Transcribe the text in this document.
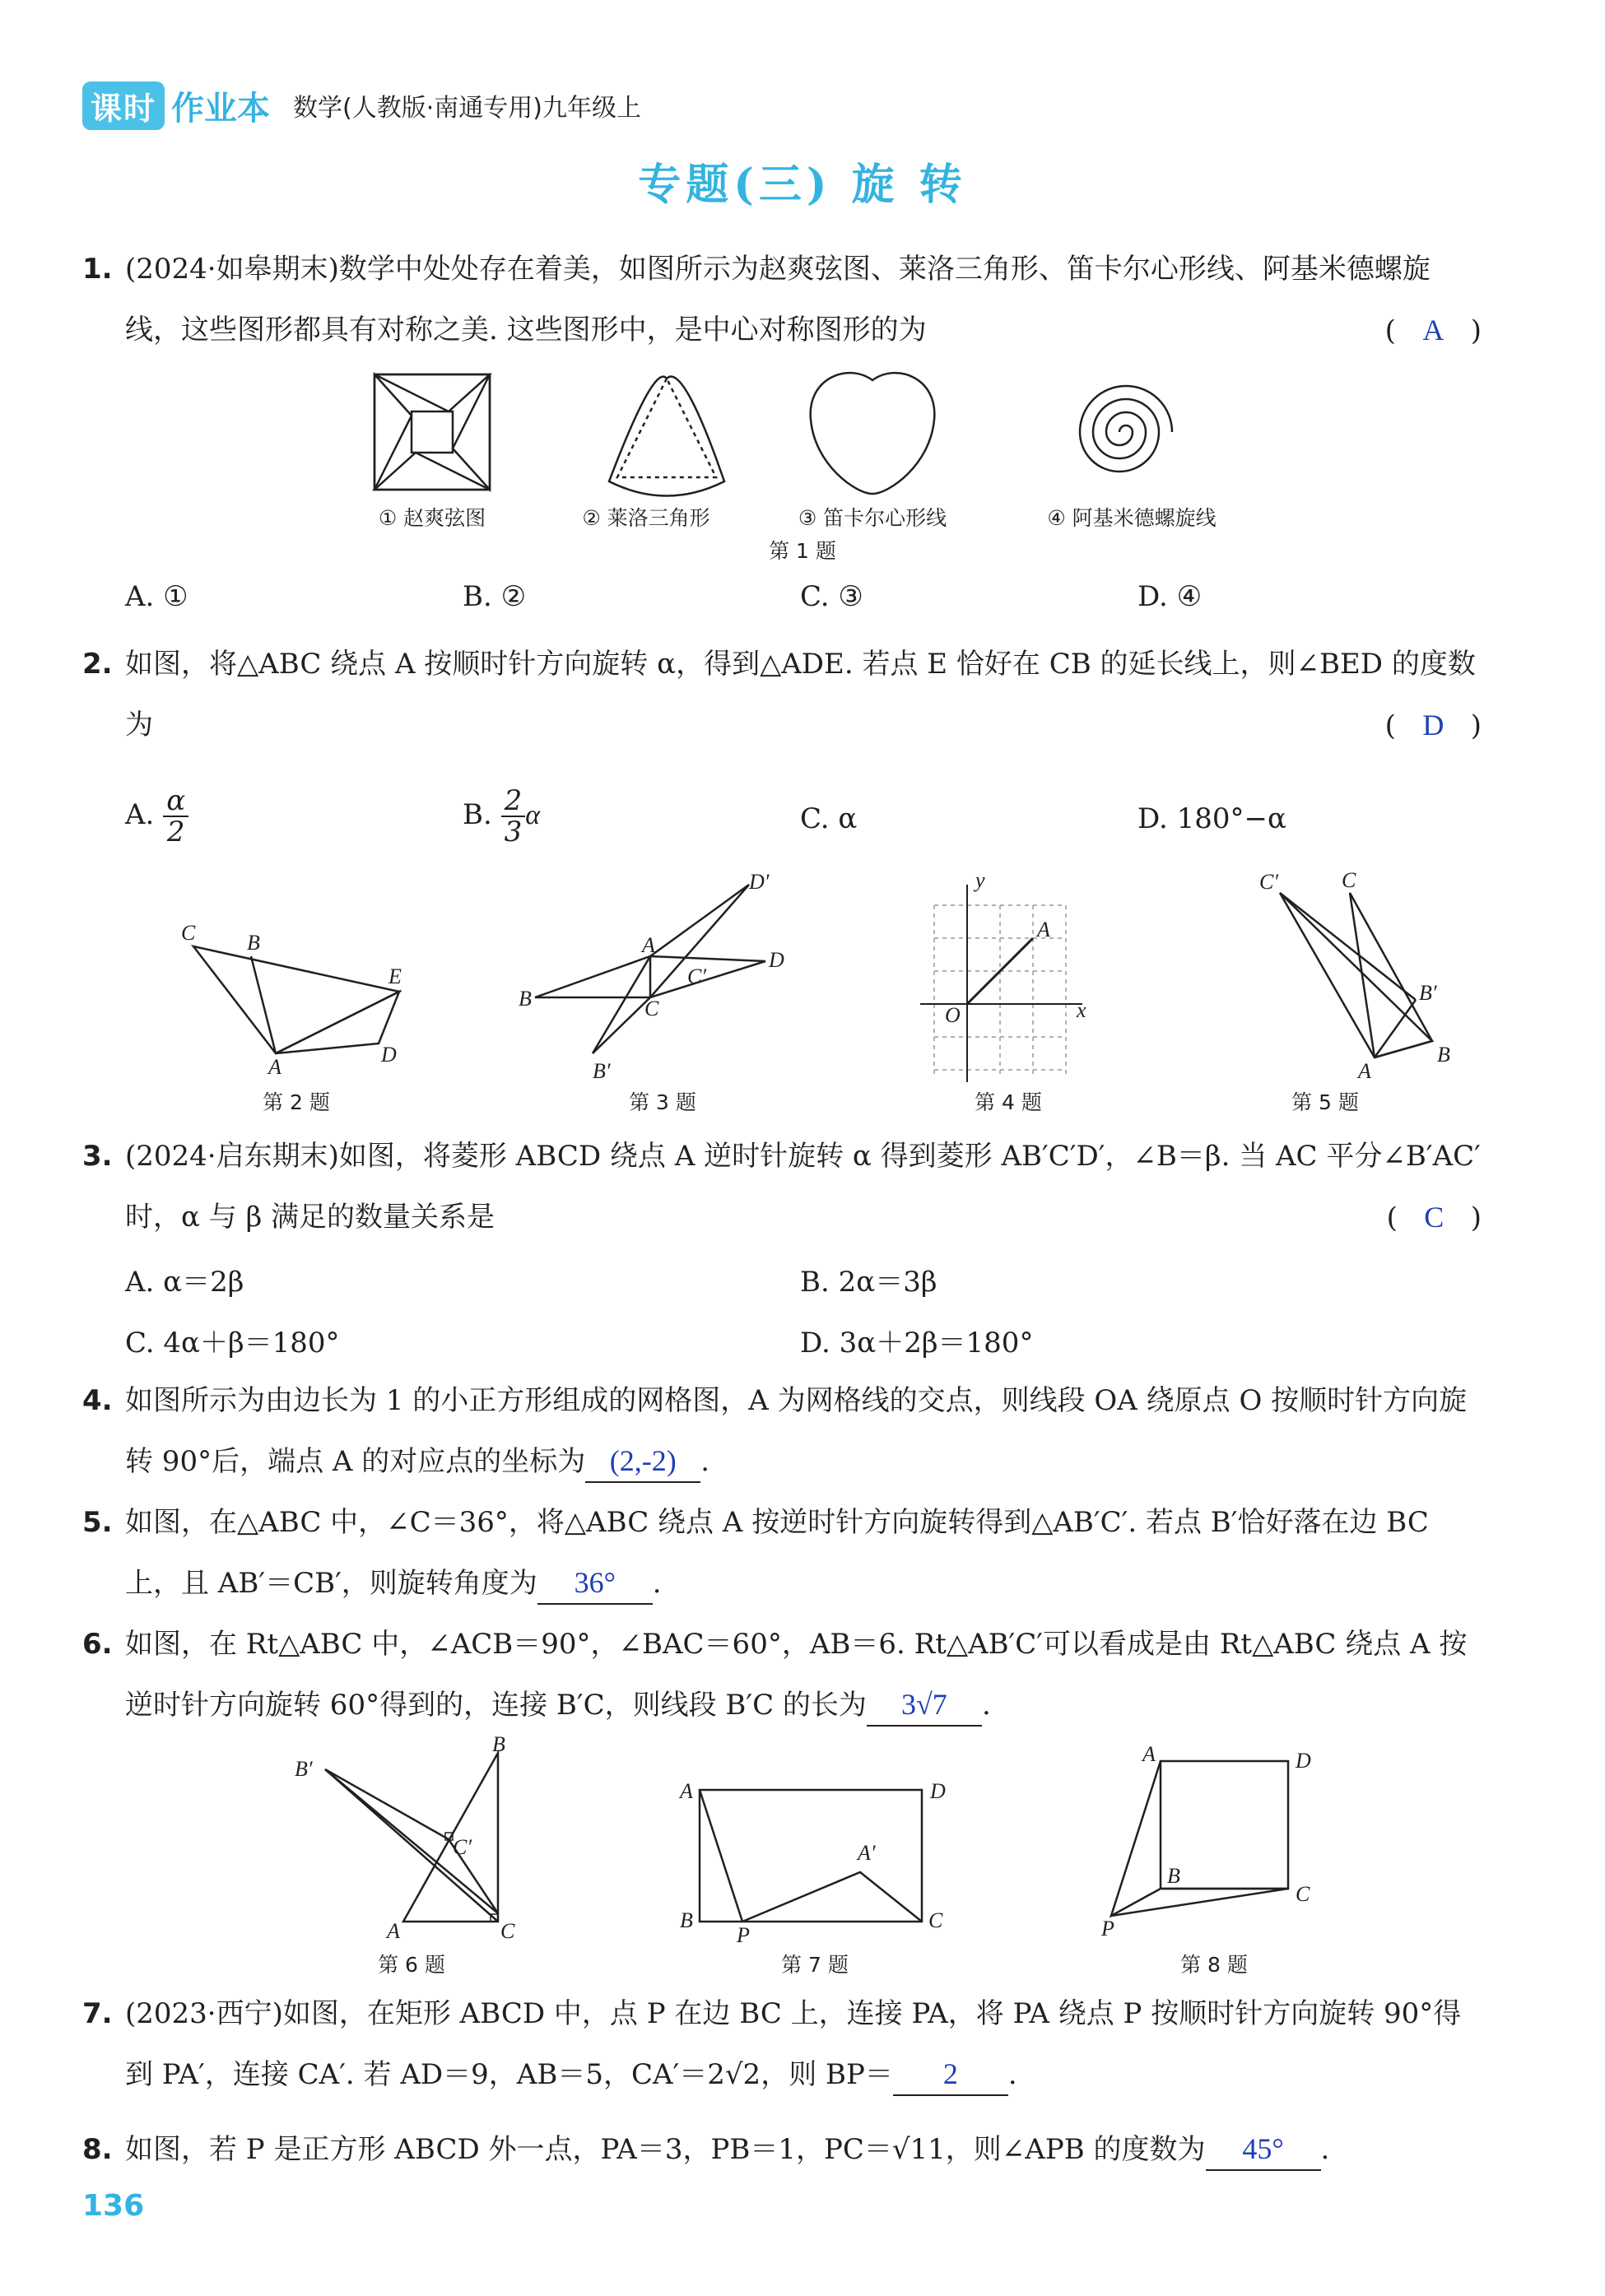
课时 作业本 数学(人教版·南通专用)九年级上
专题(三) 旋 转
1. (2024·如皋期末)数学中处处存在着美，如图所示为赵爽弦图、莱洛三角形、笛卡尔心形线、阿基米德螺旋线，这些图形都具有对称之美. 这些图形中，是中心对称图形的为	(   A   )
① 赵爽弦图	② 莱洛三角形	③ 笛卡尔心形线	④ 阿基米德螺旋线
第 1 题
A. ①	B. ②	C. ③	D. ④
2. 如图，将△ABC 绕点 A 按顺时针方向旋转 α，得到△ADE. 若点 E 恰好在 CB 的延长线上，则∠BED 的度数为	(   D   )
A. $\frac{\alpha}{2}$	B. $\frac{2}{3}$ α	C. α	D. 180°−α
C B
E
A
D
B
A
C
C′
D
D′
B′
y
x
O
A
C′	C
B′
A
B
第 2 题	第 3 题	第 4 题	第 5 题
3. (2024·启东期末)如图，将菱形 ABCD 绕点 A 逆时针旋转 α 得到菱形 AB′C′D′，∠B＝β. 当 AC 平分∠B′AC′时，α 与 β 满足的数量关系是	(   C   )
A. α＝2β	B. 2α＝3β
C. 4α＋β＝180°	D. 3α＋2β＝180°
4. 如图所示为由边长为 1 的小正方形组成的网格图，A 为网格线的交点，则线段 OA 绕原点 O 按顺时针方向旋转 90°后，端点 A 的对应点的坐标为 (2,-2) .
5. 如图，在△ABC 中，∠C＝36°，将△ABC 绕点 A 按逆时针方向旋转得到△AB′C′. 若点 B′恰好落在边 BC 上，且 AB′＝CB′，则旋转角度为 36° .
6. 如图，在 Rt△ABC 中，∠ACB＝90°，∠BAC＝60°，AB＝6. Rt△AB′C′可以看成是由 Rt△ABC 绕点 A 按逆时针方向旋转 60°得到的，连接 B′C，则线段 B′C 的长为 3√7 .
B′
B
C′
A	C
A	D
B
P
C
A′
A	D
B
C
P
第 6 题	第 7 题	第 8 题
7. (2023·西宁)如图，在矩形 ABCD 中，点 P 在边 BC 上，连接 PA，将 PA 绕点 P 按顺时针方向旋转 90°得到 PA′，连接 CA′. 若 AD＝9，AB＝5，CA′＝2√2，则 BP＝ 2 .
8. 如图，若 P 是正方形 ABCD 外一点，PA＝3，PB＝1，PC＝√11，则∠APB 的度数为 45° .
136
